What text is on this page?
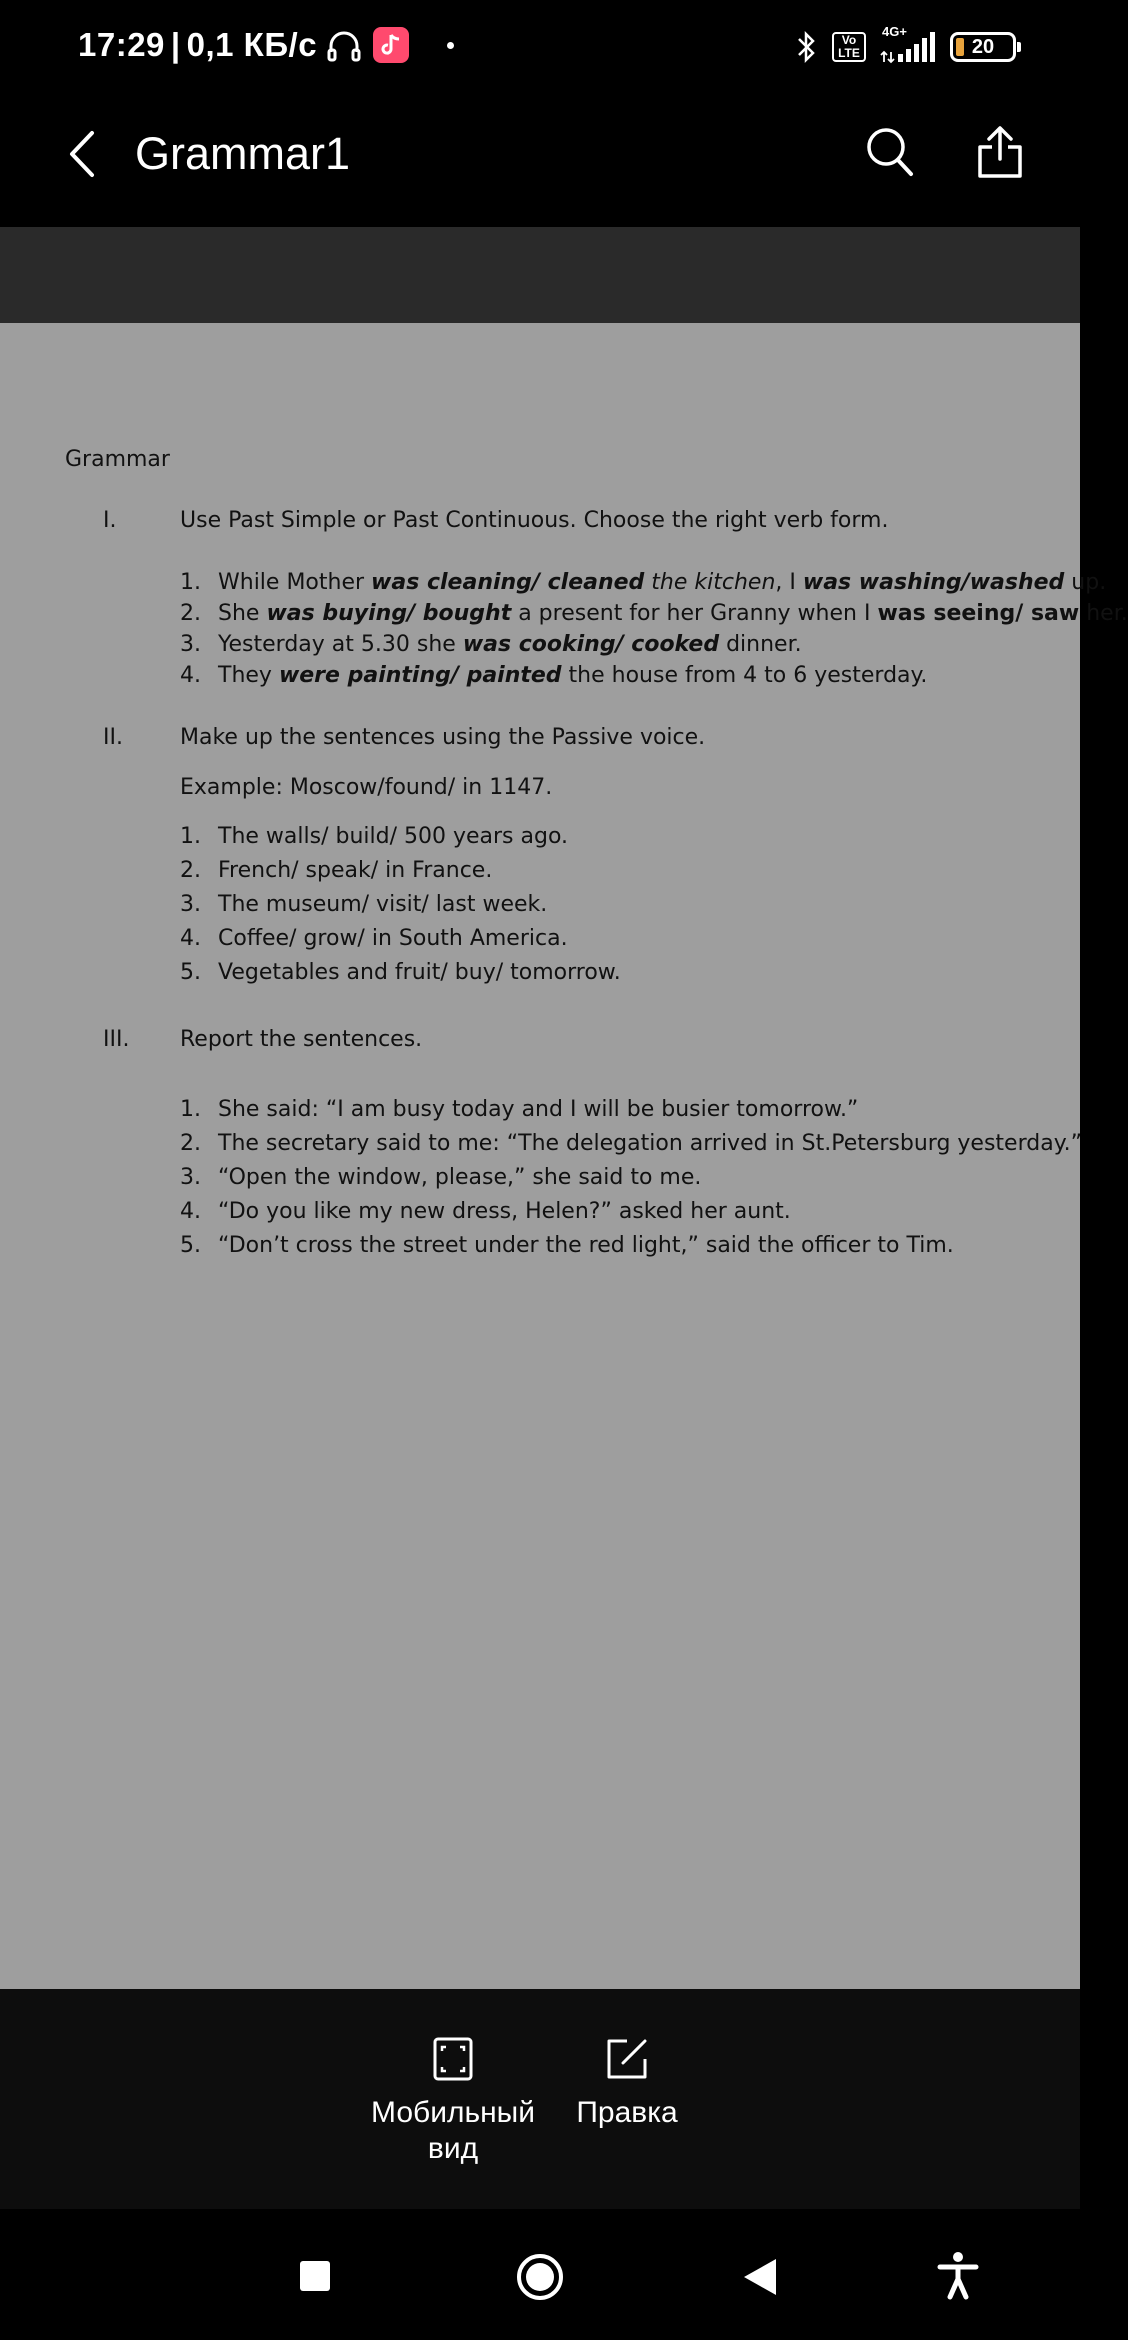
17:29 | 0,1 КБ/с	Vo
LTE
4G+
20
Grammar1
Grammar
I.	Use Past Simple or Past Continuous. Choose the right verb form.
1. While Mother was cleaning/ cleaned the kitchen, I was washing/washed up.
2. She was buying/ bought a present for her Granny when I was seeing/ saw her.
3. Yesterday at 5.30 she was cooking/ cooked dinner.
4. They were painting/ painted the house from 4 to 6 yesterday.
II.	Make up the sentences using the Passive voice.
Example: Moscow/found/ in 1147.
1. The walls/ build/ 500 years ago.
2. French/ speak/ in France.
3. The museum/ visit/ last week.
4. Coffee/ grow/ in South America.
5. Vegetables and fruit/ buy/ tomorrow.
III.	Report the sentences.
1. She said: “I am busy today and I will be busier tomorrow.”
2. The secretary said to me: “The delegation arrived in St.Petersburg yesterday.”
3. “Open the window, please,” she said to me.
4. “Do you like my new dress, Helen?” asked her aunt.
5. “Don’t cross the street under the red light,” said the officer to Tim.
Мобильный
вид
Правка
